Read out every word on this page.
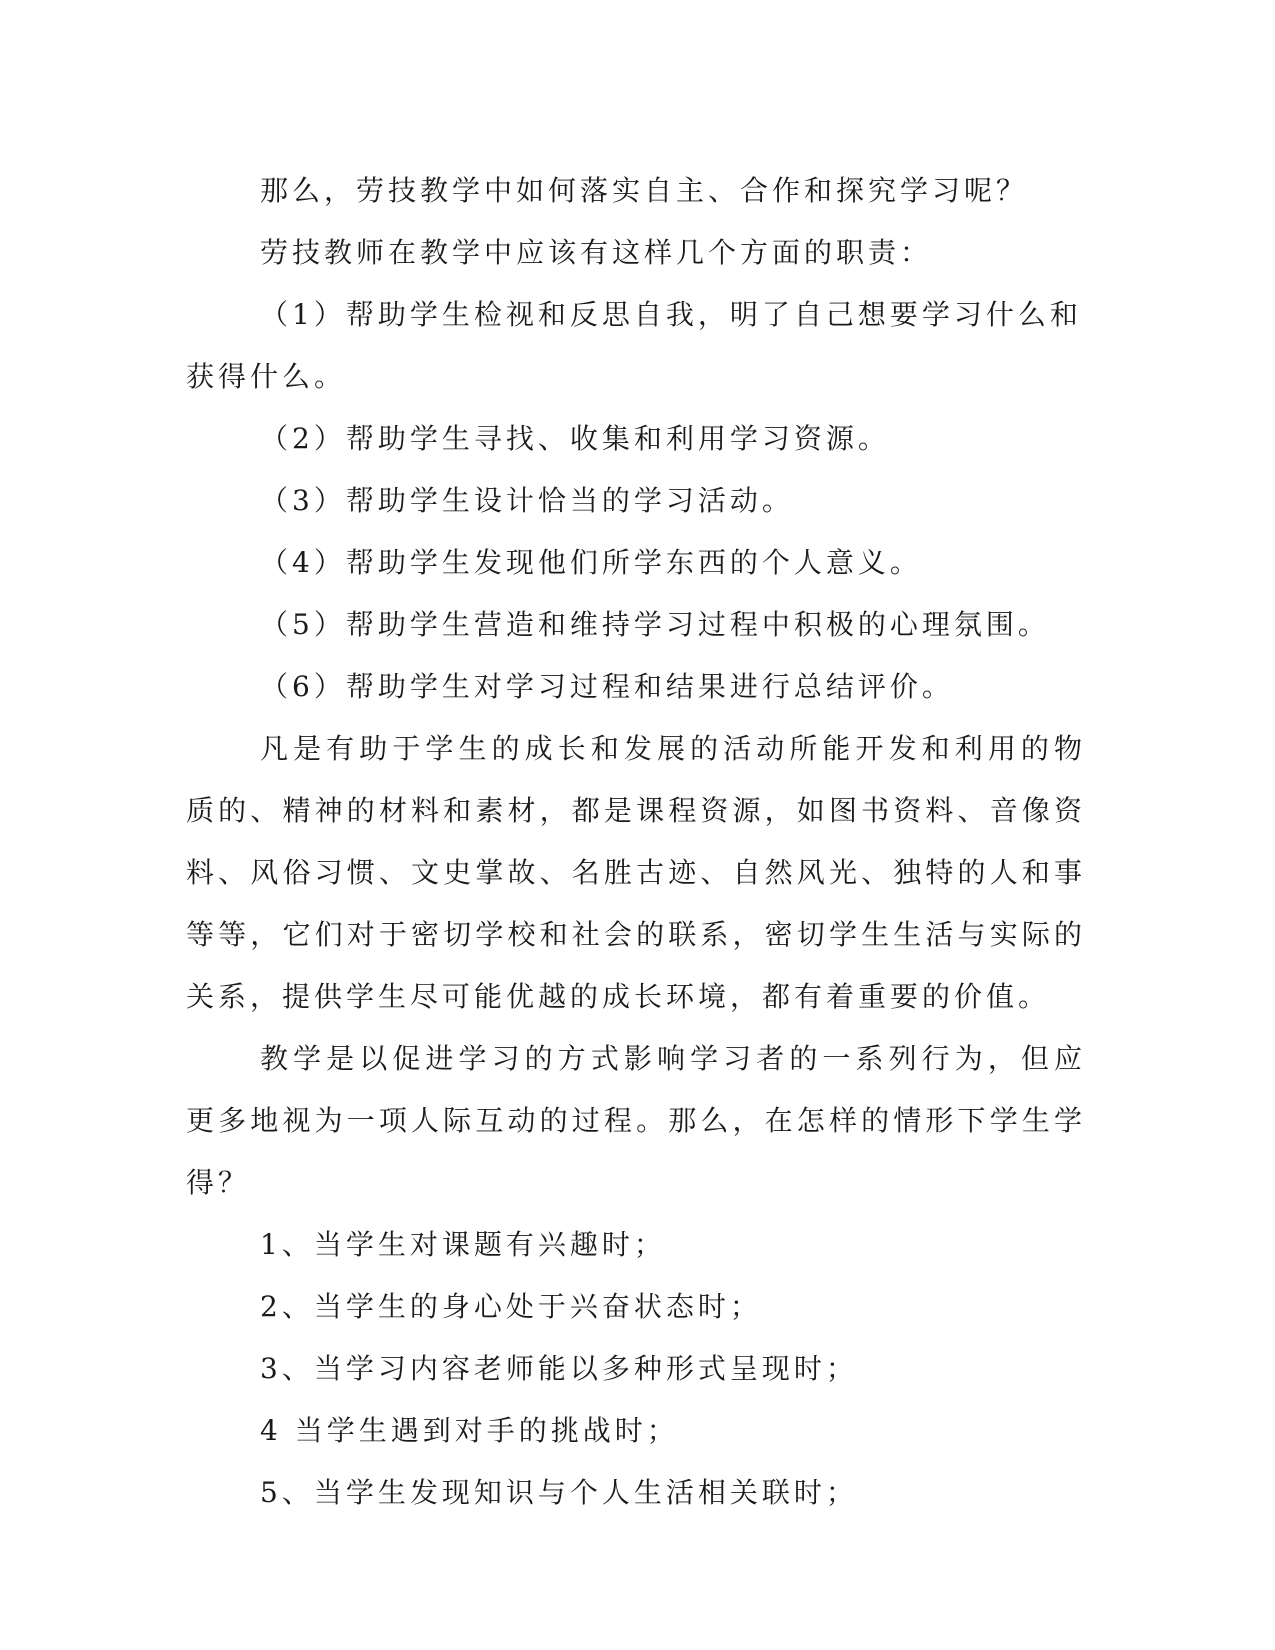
那么，劳技教学中如何落实自主、合作和探究学习呢？

劳技教师在教学中应该有这样几个方面的职责：

（1）帮助学生检视和反思自我，明了自己想要学习什么和获得什么。

（2）帮助学生寻找、收集和利用学习资源。

（3）帮助学生设计恰当的学习活动。

（4）帮助学生发现他们所学东西的个人意义。

（5）帮助学生营造和维持学习过程中积极的心理氛围。

（6）帮助学生对学习过程和结果进行总结评价。

凡是有助于学生的成长和发展的活动所能开发和利用的物质的、精神的材料和素材，都是课程资源，如图书资料、音像资料、风俗习惯、文史掌故、名胜古迹、自然风光、独特的人和事等等，它们对于密切学校和社会的联系，密切学生生活与实际的关系，提供学生尽可能优越的成长环境，都有着重要的价值。

教学是以促进学习的方式影响学习者的一系列行为，但应更多地视为一项人际互动的过程。那么，在怎样的情形下学生学得？

1、当学生对课题有兴趣时；

2、当学生的身心处于兴奋状态时；

3、当学习内容老师能以多种形式呈现时；

4 当学生遇到对手的挑战时；

5、当学生发现知识与个人生活相关联时；
